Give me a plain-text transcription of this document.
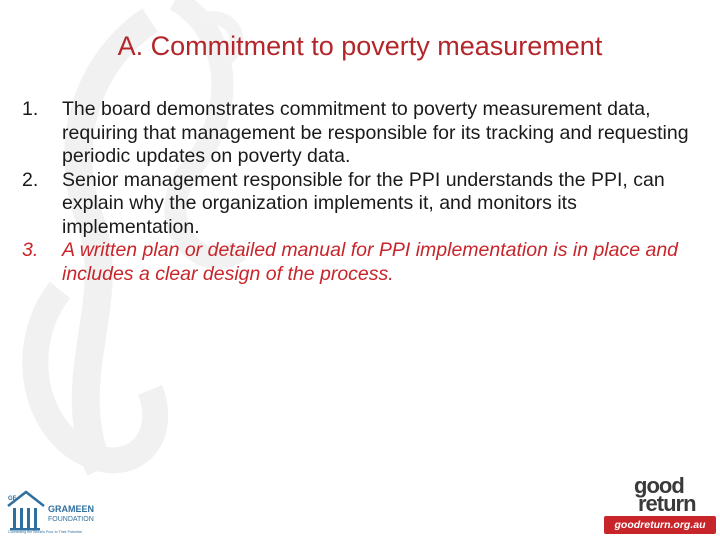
A. Commitment to poverty measurement
1. The board demonstrates commitment to poverty measurement data, requiring that management be responsible for its tracking and requesting periodic updates on poverty data.
2. Senior management responsible for the PPI understands the PPI, can explain why the organization implements it, and monitors its implementation.
3. A written plan or detailed manual for PPI implementation is in place and includes a clear design of the process.
GF
GRAMEEN
FOUNDATION
Connecting the World's Poor to Their Potential
good
return
goodreturn.org.au
